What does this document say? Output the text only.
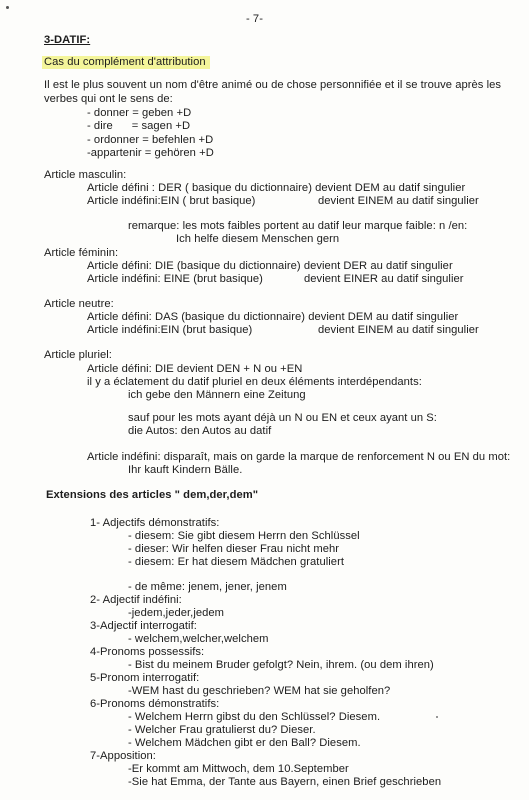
- 7-
3-DATIF:
Cas du complément d'attribution
Il est le plus souvent un nom d'être animé ou de chose personnifiée et il se trouve après les
verbes qui ont le sens de:
- donner = geben +D
- dire      = sagen +D
- ordonner = befehlen +D
-appartenir = gehören +D
Article masculin:
Article défini : DER ( basique du dictionnaire) devient DEM au datif singulier
Article indéfini:EIN ( brut basique)	devient EINEM au datif singulier
remarque: les mots faibles portent au datif leur marque faible: n /en:
Ich helfe diesem Menschen gern
Article féminin:
Article défini: DIE (basique du dictionnaire) devient DER au datif singulier
Article indéfini: EINE (brut basique)	devient EINER au datif singulier
Article neutre:
Article défini: DAS (basique du dictionnaire) devient DEM au datif singulier
Article indéfini:EIN (brut basique)	devient EINEM au datif singulier
Article pluriel:
Article défini: DIE devient DEN + N ou +EN
il y a éclatement du datif pluriel en deux éléments interdépendants:
ich gebe den Männern eine Zeitung
sauf pour les mots ayant déjà un N ou EN et ceux ayant un S:
die Autos: den Autos au datif
Article indéfini: disparaît, mais on garde la marque de renforcement N ou EN du mot:
Ihr kauft Kindern Bälle.
Extensions des articles " dem,der,dem"
1- Adjectifs démonstratifs:
- diesem: Sie gibt diesem Herrn den Schlüssel
- dieser: Wir helfen dieser Frau nicht mehr
- diesem: Er hat diesem Mädchen gratuliert
- de même: jenem, jener, jenem
2- Adjectif indéfini:
-jedem,jeder,jedem
3-Adjectif interrogatif:
- welchem,welcher,welchem
4-Pronoms possessifs:
- Bist du meinem Bruder gefolgt? Nein, ihrem. (ou dem ihren)
5-Pronom interrogatif:
-WEM hast du geschrieben? WEM hat sie geholfen?
6-Pronoms démonstratifs:
- Welchem Herrn gibst du den Schlüssel? Diesem.
- Welcher Frau gratulierst du? Dieser.
- Welchem Mädchen gibt er den Ball? Diesem.
7-Apposition:
-Er kommt am Mittwoch, dem 10.September
-Sie hat Emma, der Tante aus Bayern, einen Brief geschrieben
